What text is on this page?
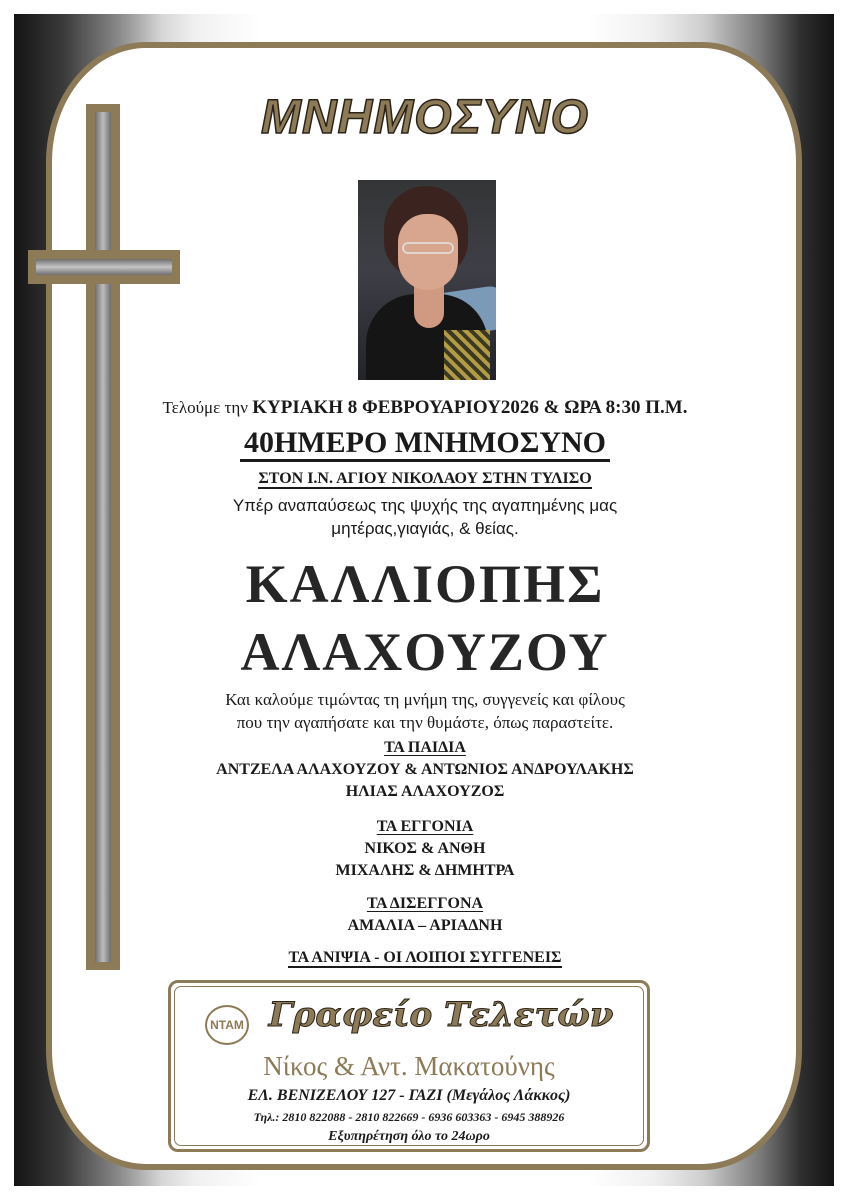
ΜΝΗΜΟΣΥΝΟ

Τελούμε την ΚΥΡΙΑΚΗ 8 ΦΕΒΡΟΥΑΡΙΟΥ2026 & ΩΡΑ 8:30 Π.Μ.

40ΗΜΕΡΟ ΜΝΗΜΟΣΥΝΟ

ΣΤΟΝ Ι.Ν. ΑΓΙΟΥ ΝΙΚΟΛΑΟΥ ΣΤΗΝ ΤΥΛΙΣΟ

Υπέρ αναπαύσεως της ψυχής της αγαπημένης μας
μητέρας,γιαγιάς, & θείας.

ΚΑΛΛΙΟΠΗΣ

ΑΛΑΧΟΥΖΟΥ

Και καλούμε τιμώντας τη μνήμη της, συγγενείς και φίλους
που την αγαπήσατε και την θυμάστε, όπως παραστείτε.
ΤΑ ΠΑΙΔΙΑ
ΑΝΤΖΕΛΑ ΑΛΑΧΟΥΖΟΥ & ΑΝΤΩΝΙΟΣ ΑΝΔΡΟΥΛΑΚΗΣ
ΗΛΙΑΣ ΑΛΑΧΟΥΖΟΣ
ΤΑ ΕΓΓΟΝΙΑ
ΝΙΚΟΣ & ΑΝΘΗ
ΜΙΧΑΛΗΣ & ΔΗΜΗΤΡΑ
ΤΑ ΔΙΣΕΓΓΟΝΑ
ΑΜΑΛΙΑ – ΑΡΙΑΔΝΗ

ΤΑ ΑΝΙΨΙΑ - ΟΙ ΛΟΙΠΟΙ ΣΥΓΓΕΝΕΙΣ

ΝΤΑΜ Γραφείο Τελετών
Νίκος & Αντ. Μακατούνης
ΕΛ. ΒΕΝΙΖΕΛΟΥ 127 - ΓΑΖΙ (Μεγάλος Λάκκος)
Τηλ.: 2810 822088 - 2810 822669 - 6936 603363 - 6945 388926
Εξυπηρέτηση όλο το 24ωρο
